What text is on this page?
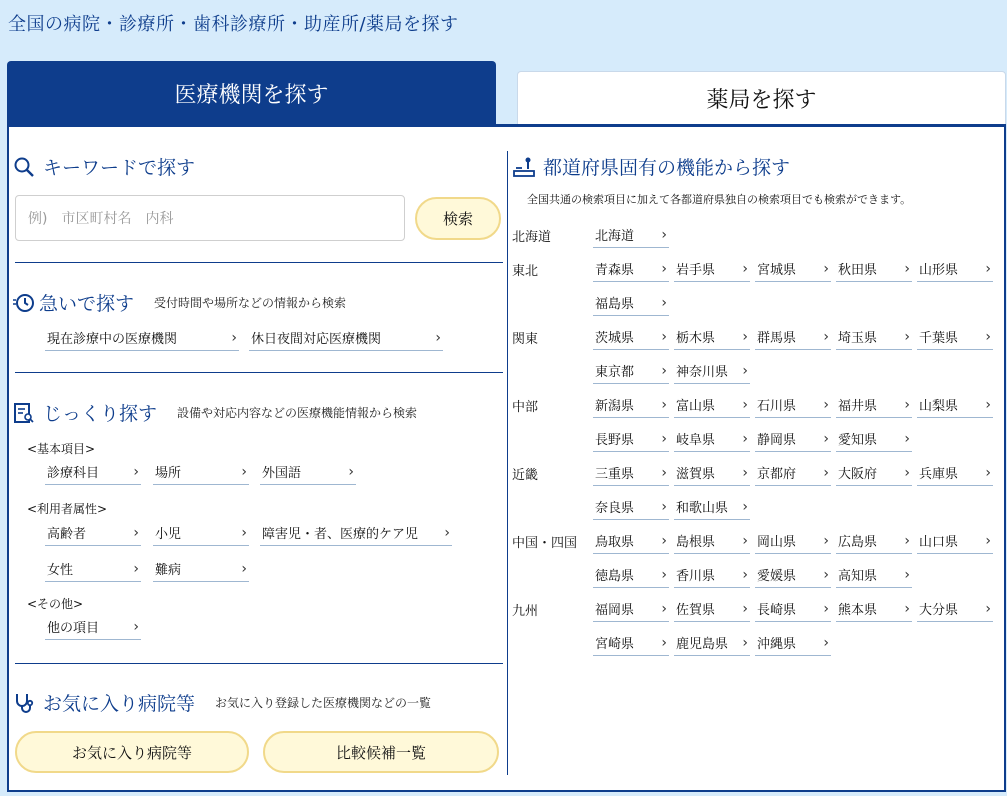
全国の病院・診療所・歯科診療所・助産所/薬局を探す
医療機関を探す	薬局を探す
キーワードで探す
例)　市区町村名　内科	検索
急いで探す 受付時間や場所などの情報から検索
現在診療中の医療機関	› 休日夜間対応医療機関	›
じっくり探す 設備や対応内容などの医療機能情報から検索
<基本項目>
診療科目 › 場所	› 外国語	›
<利用者属性>
高齢者	› 小児	› 障害児・者、医療的ケア児 ›
女性	› 難病	›
<その他>
他の項目 ›
お気に入り病院等 お気に入り登録した医療機関などの一覧
お気に入り病院等	比較候補一覧
都道府県固有の機能から探す
全国共通の検索項目に加えて各都道府県独自の検索項目でも検索ができます。
北海道	北海道 ›
東北	青森県 › 岩手県 › 宮城県 › 秋田県 › 山形県 ›
福島県 ›
関東	茨城県 › 栃木県 › 群馬県 › 埼玉県 › 千葉県 ›
東京都 › 神奈川県 ›
中部	新潟県 › 富山県 › 石川県 › 福井県 › 山梨県 ›
長野県 › 岐阜県 › 静岡県 › 愛知県 ›
近畿	三重県 › 滋賀県 › 京都府 › 大阪府 › 兵庫県 ›
奈良県 › 和歌山県 ›
中国・四国 鳥取県 › 島根県 › 岡山県 › 広島県 › 山口県 ›
徳島県 › 香川県 › 愛媛県 › 高知県 ›
九州	福岡県 › 佐賀県 › 長崎県 › 熊本県 › 大分県 ›
宮崎県 › 鹿児島県 › 沖縄県 ›
